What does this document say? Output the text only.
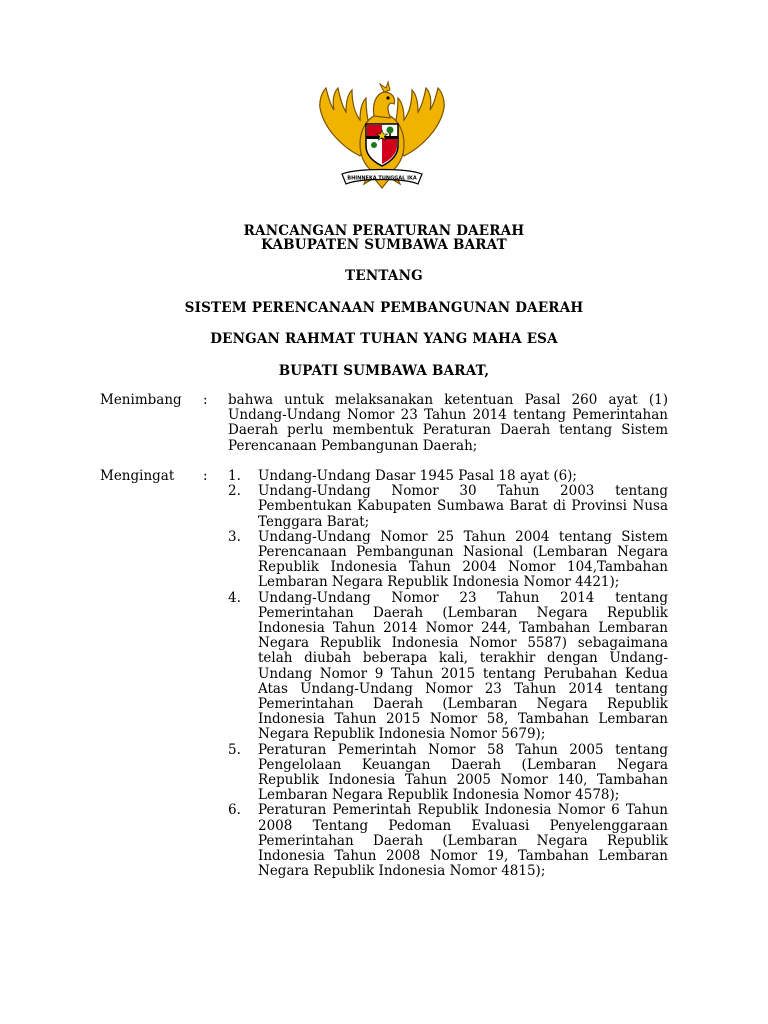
BHINNEKA TUNGGAL IKA
RANCANGAN PERATURAN DAERAH
KABUPATEN SUMBAWA BARAT
TENTANG
SISTEM PERENCANAAN PEMBANGUNAN DAERAH
DENGAN RAHMAT TUHAN YANG MAHA ESA
BUPATI SUMBAWA BARAT,
Menimbang : bahwa untuk melaksanakan ketentuan Pasal 260 ayat (1) Undang-Undang Nomor 23 Tahun 2014 tentang Pemerintahan Daerah perlu membentuk Peraturan Daerah tentang Sistem Perencanaan Pembangunan Daerah;
Mengingat : 1. Undang-Undang Dasar 1945 Pasal 18 ayat (6);
2. Undang-Undang Nomor 30 Tahun 2003 tentang Pembentukan Kabupaten Sumbawa Barat di Provinsi Nusa Tenggara Barat;
3. Undang-Undang Nomor 25 Tahun 2004 tentang Sistem Perencanaan Pembangunan Nasional (Lembaran Negara Republik Indonesia Tahun 2004 Nomor 104,Tambahan Lembaran Negara Republik Indonesia Nomor 4421);
4. Undang-Undang Nomor 23 Tahun 2014 tentang Pemerintahan Daerah (Lembaran Negara Republik Indonesia Tahun 2014 Nomor 244, Tambahan Lembaran Negara Republik Indonesia Nomor 5587) sebagaimana telah diubah beberapa kali, terakhir dengan Undang-Undang Nomor 9 Tahun 2015 tentang Perubahan Kedua Atas Undang-Undang Nomor 23 Tahun 2014 tentang Pemerintahan Daerah (Lembaran Negara Republik Indonesia Tahun 2015 Nomor 58, Tambahan Lembaran Negara Republik Indonesia Nomor 5679);
5. Peraturan Pemerintah Nomor 58 Tahun 2005 tentang Pengelolaan Keuangan Daerah (Lembaran Negara Republik Indonesia Tahun 2005 Nomor 140, Tambahan Lembaran Negara Republik Indonesia Nomor 4578);
6. Peraturan Pemerintah Republik Indonesia Nomor 6 Tahun 2008 Tentang Pedoman Evaluasi Penyelenggaraan Pemerintahan Daerah (Lembaran Negara Republik Indonesia Tahun 2008 Nomor 19, Tambahan Lembaran Negara Republik Indonesia Nomor 4815);
